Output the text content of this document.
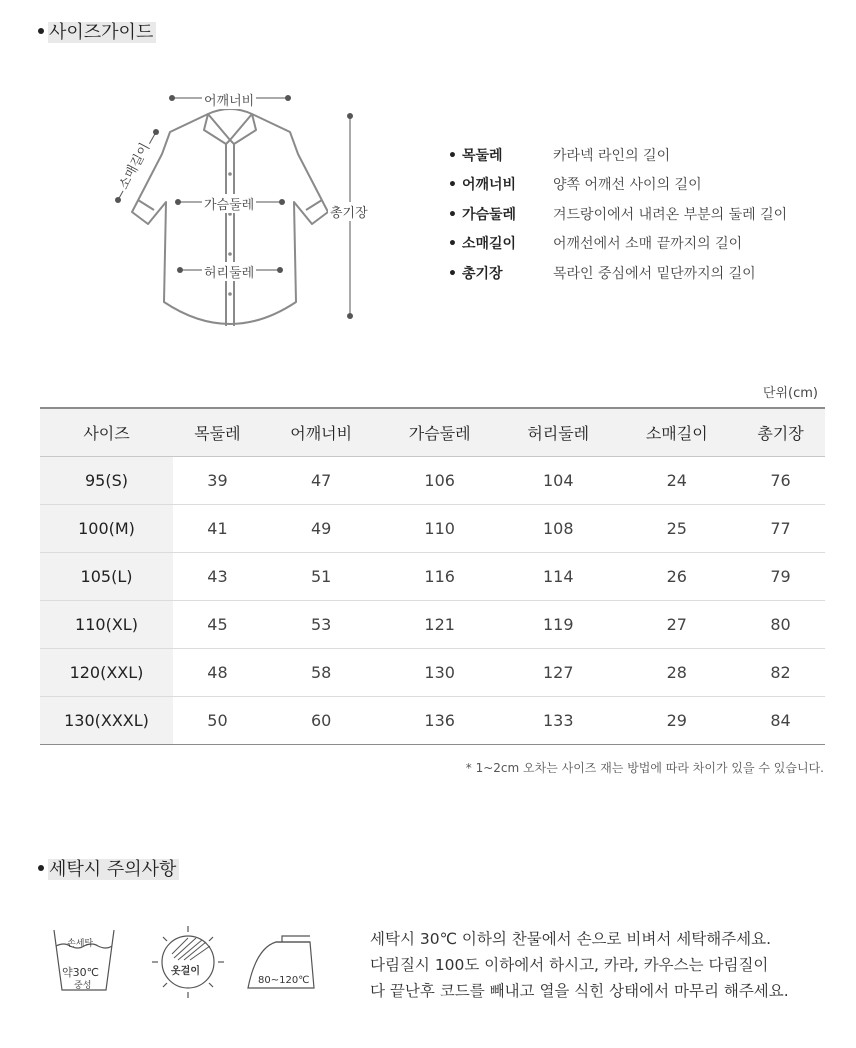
사이즈가이드
어깨너비
소매길이
가슴둘레
허리둘레
총기장
• 목둘레	카라넥 라인의 길이
• 어깨너비	양쪽 어깨선 사이의 길이
• 가슴둘레	겨드랑이에서 내려온 부분의 둘레 길이
• 소매길이	어깨선에서 소매 끝까지의 길이
• 총기장	목라인 중심에서 밑단까지의 길이
단위(cm)
사이즈	목둘레	어깨너비	가슴둘레	허리둘레	소매길이	총기장
95(S)	39	47	106	104	24	76
100(M)	41	49	110	108	25	77
105(L)	43	51	116	114	26	79
110(XL)	45	53	121	119	27	80
120(XXL)	48	58	130	127	28	82
130(XXXL)	50	60	136	133	29	84
* 1~2cm 오차는 사이즈 재는 방법에 따라 차이가 있을 수 있습니다.
세탁시 주의사항
손세탁
약30℃
중성
옷걸이
80~120℃
세탁시 30℃ 이하의 찬물에서 손으로 비벼서 세탁해주세요.
다림질시 100도 이하에서 하시고, 카라, 카우스는 다림질이
다 끝난후 코드를 빼내고 열을 식힌 상태에서 마무리 해주세요.
